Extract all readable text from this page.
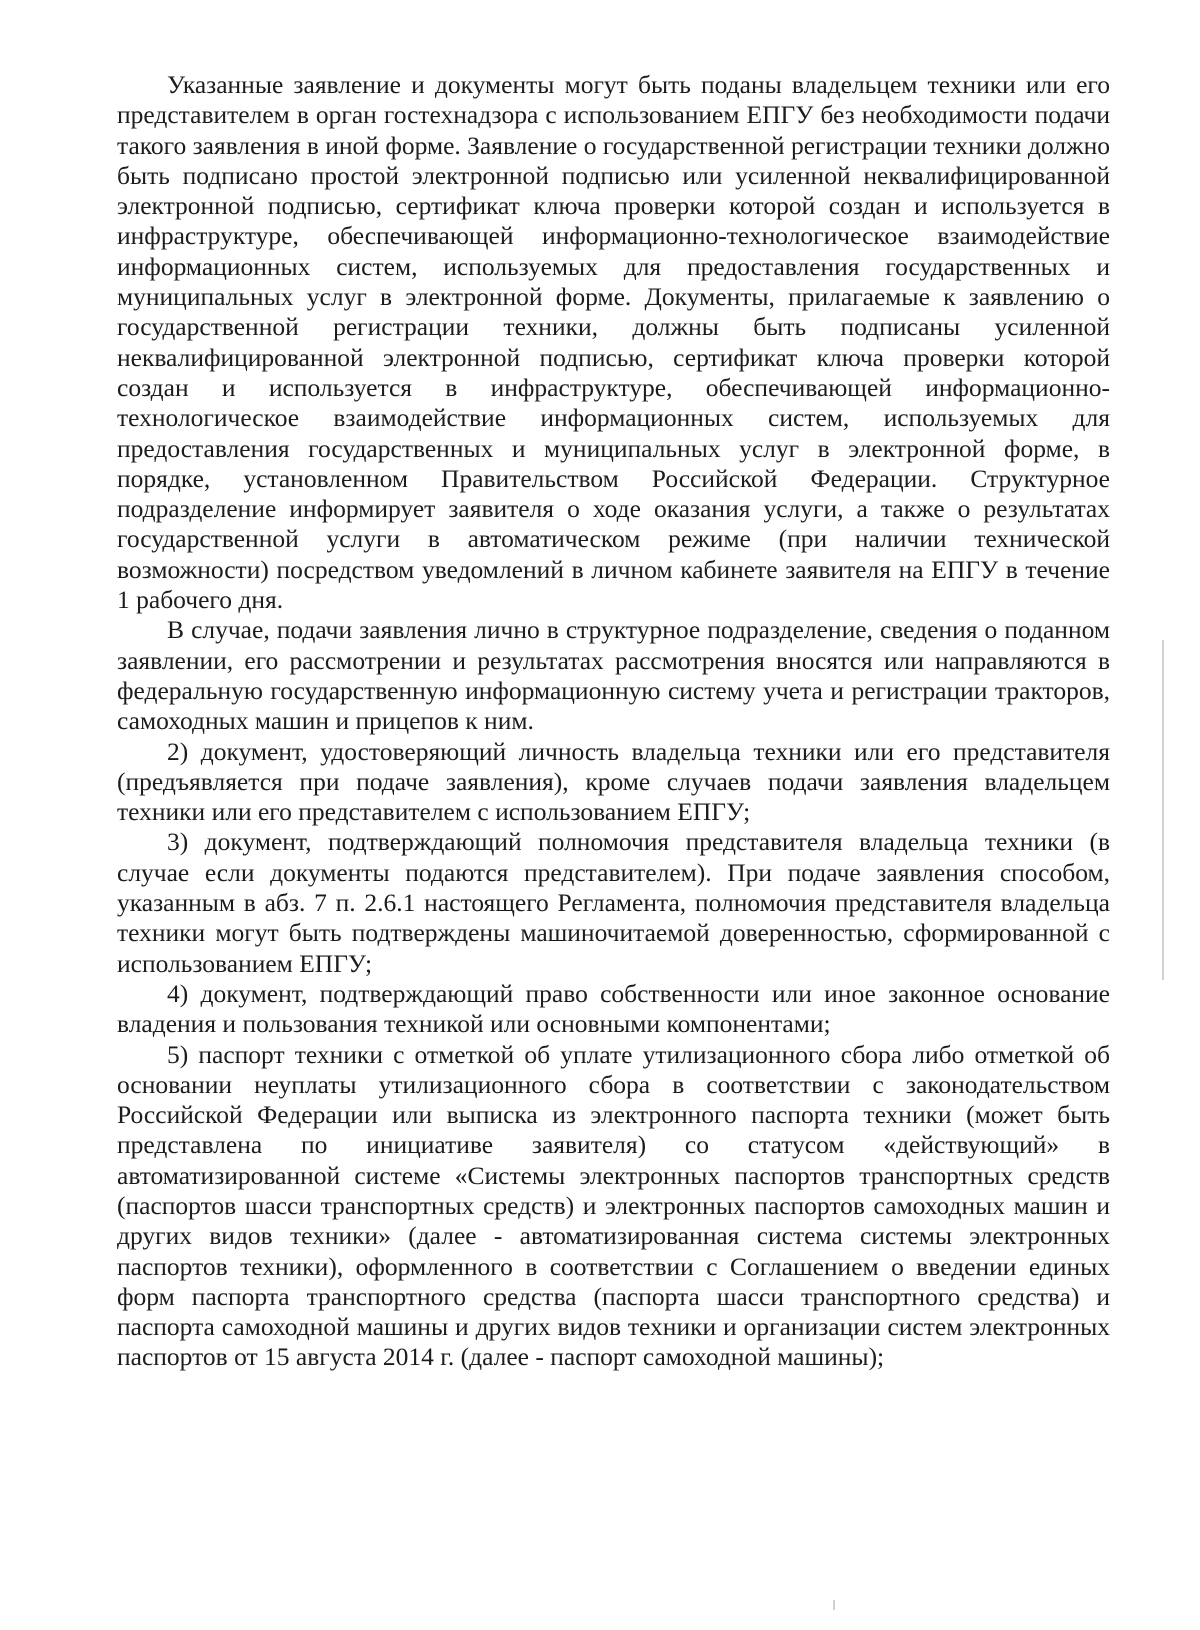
Указанные заявление и документы могут быть поданы владельцем техники или его представителем в орган гостехнадзора с использованием ЕПГУ без необходимости подачи такого заявления в иной форме. Заявление о государственной регистрации техники должно быть подписано простой электронной подписью или усиленной неквалифицированной электронной подписью, сертификат ключа проверки которой создан и используется в инфраструктуре, обеспечивающей информационно-технологическое взаимодействие информационных систем, используемых для предоставления государственных и муниципальных услуг в электронной форме. Документы, прилагаемые к заявлению о государственной регистрации техники, должны быть подписаны усиленной неквалифицированной электронной подписью, сертификат ключа проверки которой создан и используется в инфраструктуре, обеспечивающей информационно-технологическое взаимодействие информационных систем, используемых для предоставления государственных и муниципальных услуг в электронной форме, в порядке, установленном Правительством Российской Федерации. Структурное подразделение информирует заявителя о ходе оказания услуги, а также о результатах государственной услуги в автоматическом режиме (при наличии технической возможности) посредством уведомлений в личном кабинете заявителя на ЕПГУ в течение 1 рабочего дня.

В случае, подачи заявления лично в структурное подразделение, сведения о поданном заявлении, его рассмотрении и результатах рассмотрения вносятся или направляются в федеральную государственную информационную систему учета и регистрации тракторов, самоходных машин и прицепов к ним.

2) документ, удостоверяющий личность владельца техники или его представителя (предъявляется при подаче заявления), кроме случаев подачи заявления владельцем техники или его представителем с использованием ЕПГУ;

3) документ, подтверждающий полномочия представителя владельца техники (в случае если документы подаются представителем). При подаче заявления способом, указанным в абз. 7 п. 2.6.1 настоящего Регламента, полномочия представителя владельца техники могут быть подтверждены машиночитаемой доверенностью, сформированной с использованием ЕПГУ;

4) документ, подтверждающий право собственности или иное законное основание владения и пользования техникой или основными компонентами;

5) паспорт техники с отметкой об уплате утилизационного сбора либо отметкой об основании неуплаты утилизационного сбора в соответствии с законодательством Российской Федерации или выписка из электронного паспорта техники (может быть представлена по инициативе заявителя) со статусом «действующий» в автоматизированной системе «Системы электронных паспортов транспортных средств (паспортов шасси транспортных средств) и электронных паспортов самоходных машин и других видов техники» (далее - автоматизированная система системы электронных паспортов техники), оформленного в соответствии с Соглашением о введении единых форм паспорта транспортного средства (паспорта шасси транспортного средства) и паспорта самоходной машины и других видов техники и организации систем электронных паспортов от 15 августа 2014 г. (далее - паспорт самоходной машины);
